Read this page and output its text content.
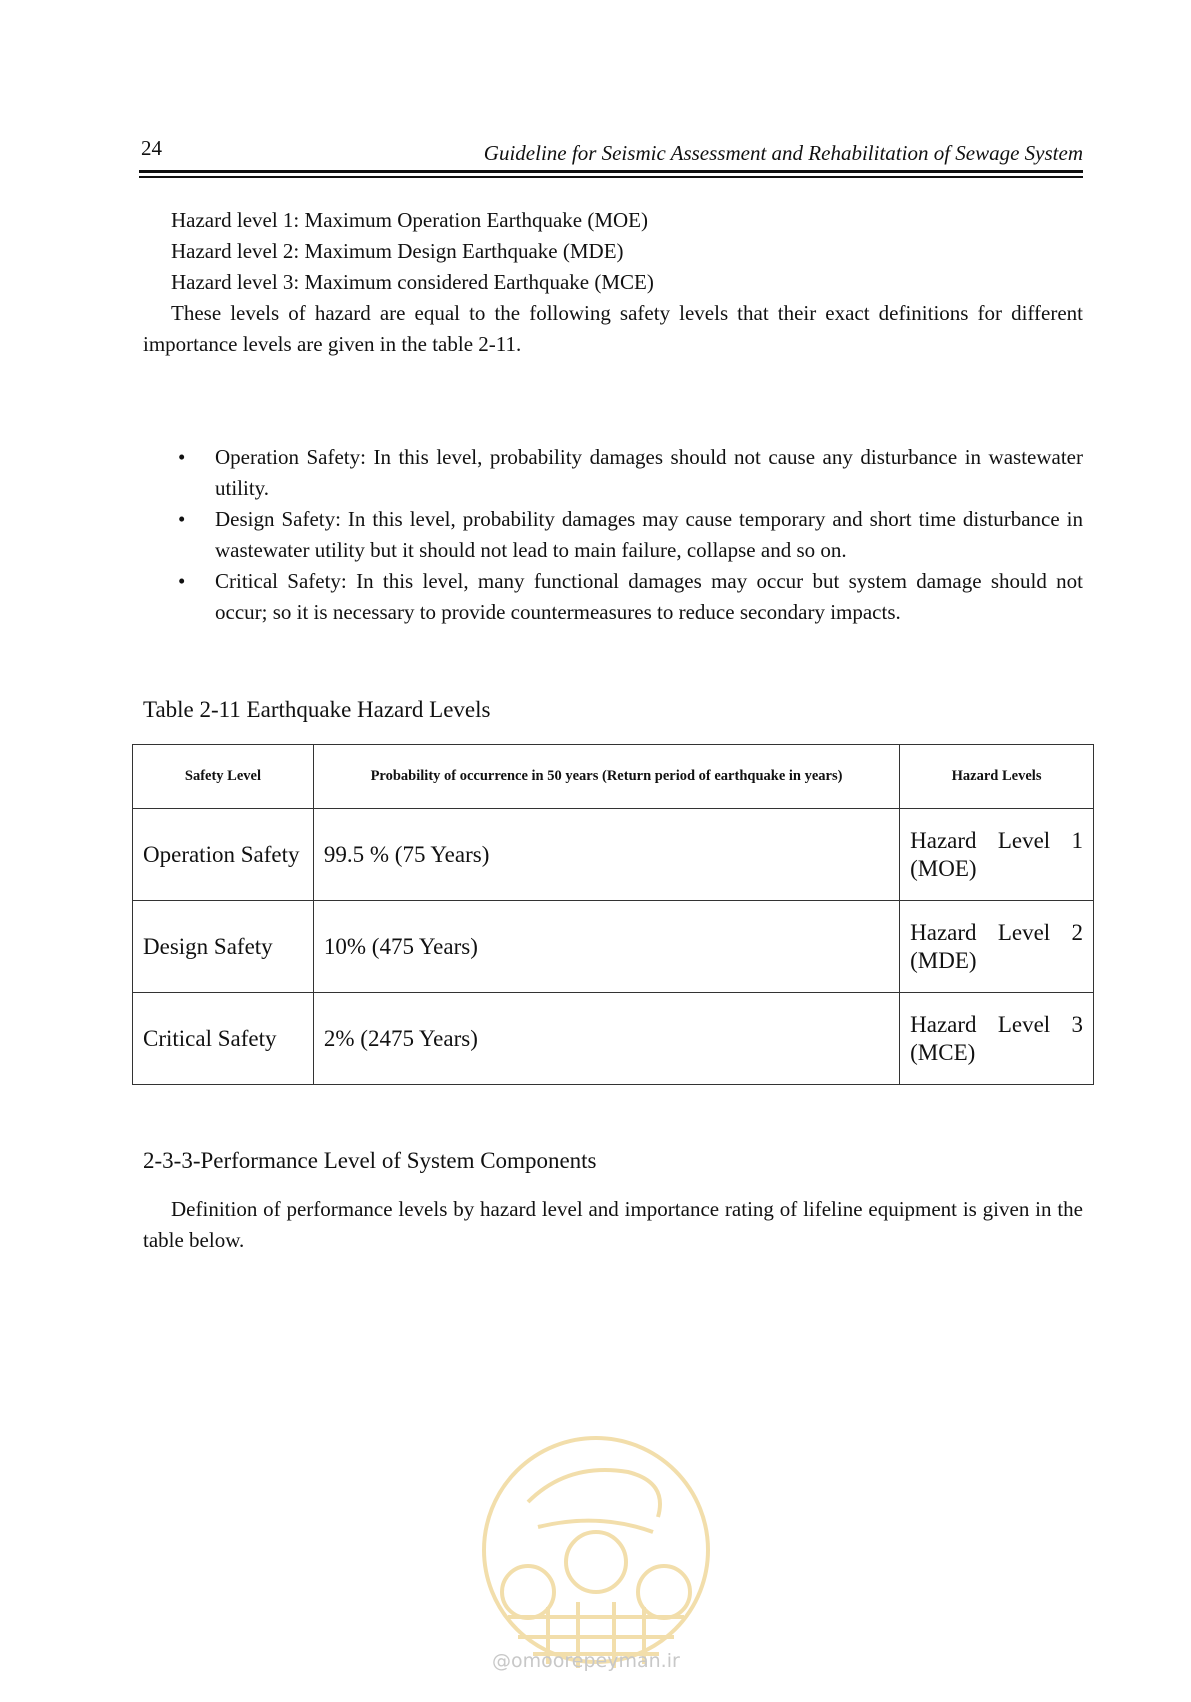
24	Guideline for Seismic Assessment and Rehabilitation of Sewage System
Hazard level 1: Maximum Operation Earthquake (MOE)
Hazard level 2: Maximum Design Earthquake (MDE)
Hazard level 3: Maximum considered Earthquake (MCE)
These levels of hazard are equal to the following safety levels that their exact definitions for different importance levels are given in the table 2-11.
• Operation Safety: In this level, probability damages should not cause any disturbance in wastewater utility.
• Design Safety: In this level, probability damages may cause temporary and short time disturbance in wastewater utility but it should not lead to main failure, collapse and so on.
• Critical Safety: In this level, many functional damages may occur but system damage should not occur; so it is necessary to provide countermeasures to reduce secondary impacts.
Table 2-11 Earthquake Hazard Levels
Safety Level	Probability of occurrence in 50 years (Return period of earthquake in years)	Hazard Levels
Operation Safety	99.5 % (75 Years)	Hazard Level 1 (MOE)
Design Safety	10% (475 Years)	Hazard Level 2 (MDE)
Critical Safety	2% (2475 Years)	Hazard Level 3 (MCE)
2-3-3-Performance Level of System Components
Definition of performance levels by hazard level and importance rating of lifeline equipment is given in the table below.
@omoorepeyman.ir
